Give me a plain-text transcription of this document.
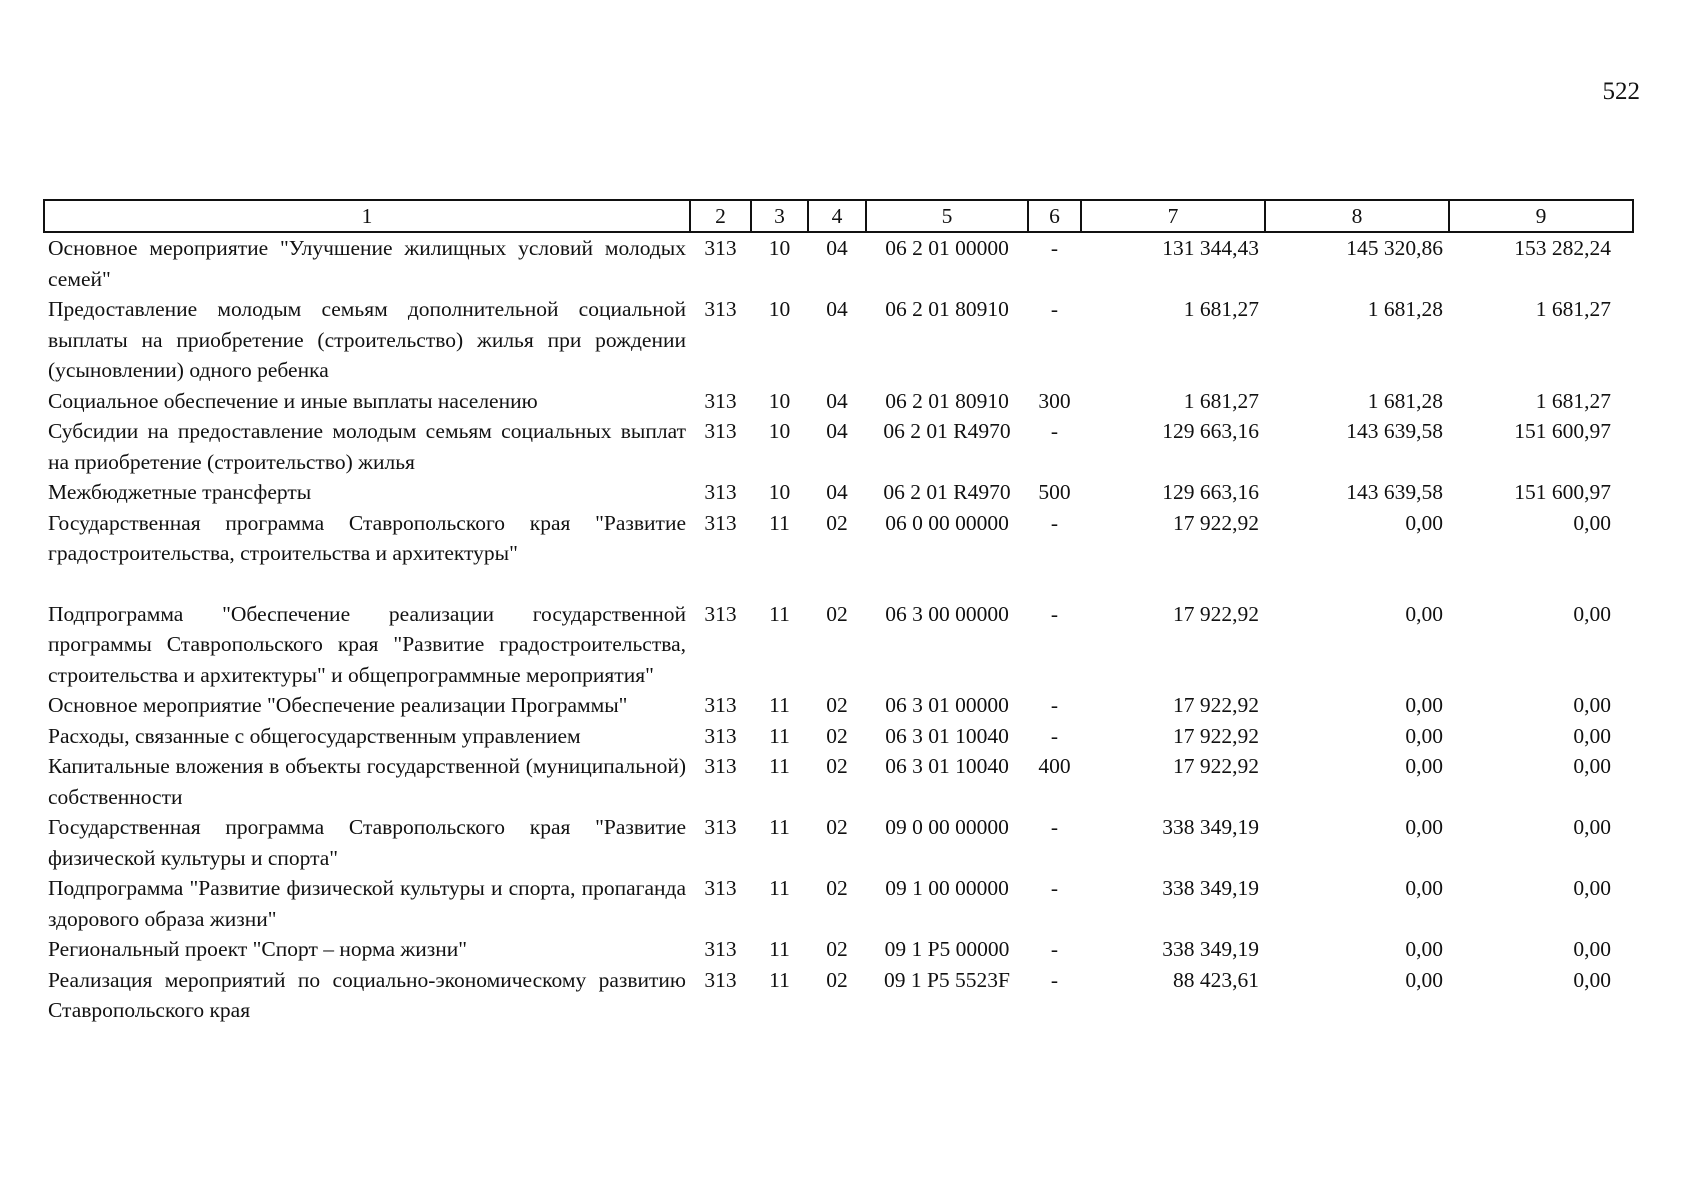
522
1	2	3	4	5	6	7	8	9
Основное мероприятие "Улучшение жилищных условий молодых семей"	313	10	04	06 2 01 00000	-	131 344,43	145 320,86	153 282,24
Предоставление молодым семьям дополнительной социальной выплаты на приобретение (строительство) жилья при рождении (усыновлении) одного ребенка	313	10	04	06 2 01 80910	-	1 681,27	1 681,28	1 681,27
Социальное обеспечение и иные выплаты населению	313	10	04	06 2 01 80910	300	1 681,27	1 681,28	1 681,27
Субсидии на предоставление молодым семьям социальных выплат на приобретение (строительство) жилья	313	10	04	06 2 01 R4970	-	129 663,16	143 639,58	151 600,97
Межбюджетные трансферты	313	10	04	06 2 01 R4970	500	129 663,16	143 639,58	151 600,97
Государственная программа Ставропольского края "Развитие градостроительства, строительства и архитектуры"	313	11	02	06 0 00 00000	-	17 922,92	0,00	0,00

Подпрограмма "Обеспечение реализации государственной программы Ставропольского края "Развитие градостроительства, строительства и архитектуры" и общепрограммные мероприятия"	313	11	02	06 3 00 00000	-	17 922,92	0,00	0,00
Основное мероприятие "Обеспечение реализации Программы"	313	11	02	06 3 01 00000	-	17 922,92	0,00	0,00
Расходы, связанные с общегосударственным управлением	313	11	02	06 3 01 10040	-	17 922,92	0,00	0,00
Капитальные вложения в объекты государственной (муниципальной) собственности	313	11	02	06 3 01 10040	400	17 922,92	0,00	0,00
Государственная программа Ставропольского края "Развитие физической культуры и спорта"	313	11	02	09 0 00 00000	-	338 349,19	0,00	0,00
Подпрограмма "Развитие физической культуры и спорта, пропаганда здорового образа жизни"	313	11	02	09 1 00 00000	-	338 349,19	0,00	0,00
Региональный проект "Спорт – норма жизни"	313	11	02	09 1 P5 00000	-	338 349,19	0,00	0,00
Реализация мероприятий по социально-экономическому развитию Ставропольского края	313	11	02	09 1 P5 5523F	-	88 423,61	0,00	0,00
